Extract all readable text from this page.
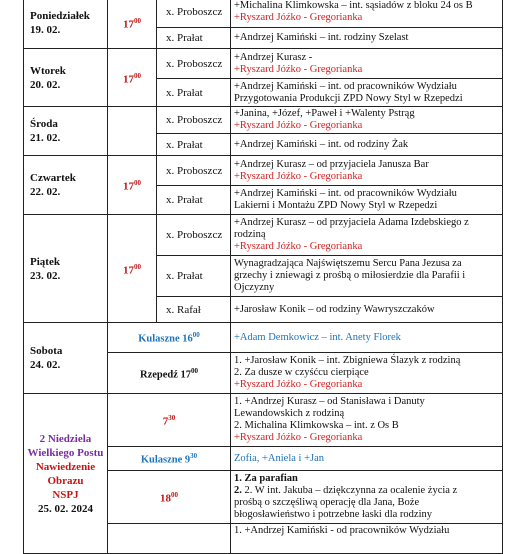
Poniedziałek
19. 02.	$17^{00}$	x. Proboszcz	+Michalina Klimkowska – int. sąsiadów z bloku 24 os B
+Ryszard Jóźko - Gregorianka

		x. Prałat	+Andrzej Kamiński – int. rodziny Szelast

Wtorek
20. 02.	$17^{00}$	x. Proboszcz	+Andrzej Kurasz -
+Ryszard Jóźko - Gregorianka

		x. Prałat	+Andrzej Kamiński – int. od pracowników Wydziału
Przygotowania Produkcji ZPD Nowy Styl w Rzepedzi

Środa
21. 02.		x. Proboszcz	+Janina, +Józef, +Paweł i +Walenty Pstrąg
+Ryszard Jóźko - Gregorianka

		x. Prałat	+Andrzej Kamiński – int. od rodziny Żak

Czwartek
22. 02.	$17^{00}$	x. Proboszcz	+Andrzej Kurasz – od przyjaciela Janusza Bar
+Ryszard Jóźko - Gregorianka

		x. Prałat	+Andrzej Kamiński – int. od pracowników Wydziału
Lakierni i Montażu ZPD Nowy Styl w Rzepedzi

Piątek
23. 02.	$17^{00}$	x. Proboszcz	+Andrzej Kurasz – od przyjaciela Adama Izdebskiego z
rodziną
+Ryszard Jóźko - Gregorianka

		x. Prałat	Wynagradzająca Najświętszemu Sercu Pana Jezusa za
grzechy i zniewagi z prośbą o miłosierdzie dla Parafii i
Ojczyzny

		x. Rafał	+Jarosław Konik – od rodziny Wawryszczaków

Sobota
24. 02.	Kulaszne $16^{00}$		+Adam Demkowicz – int. Anety Florek
	Rzepedź $17^{00}$		1. +Jarosław Konik – int. Zbigniewa Ślazyk z rodziną
2. Za dusze w czyśćcu cierpiące
+Ryszard Jóźko - Gregorianka

2 Niedziela
Wielkiego Postu
Nawiedzenie Obrazu
NSPJ
25. 02. 2024	$7^{30}$		1. +Andrzej Kurasz – od Stanisława i Danuty
Lewandowskich z rodziną
2. Michalina Klimkowska – int. z Os B
+Ryszard Jóźko - Gregorianka

	Kulaszne $9^{30}$		Zofia, +Aniela i +Jan
	$18^{00}$		1. Za parafian
2. 2. W int. Jakuba – dziękczynna za ocalenie życia z
prośbą o szczęśliwą operację dla Jana, Boże
błogosławieństwo i potrzebne łaski dla rodziny

			1. +Andrzej Kamiński - od pracowników Wydziału
